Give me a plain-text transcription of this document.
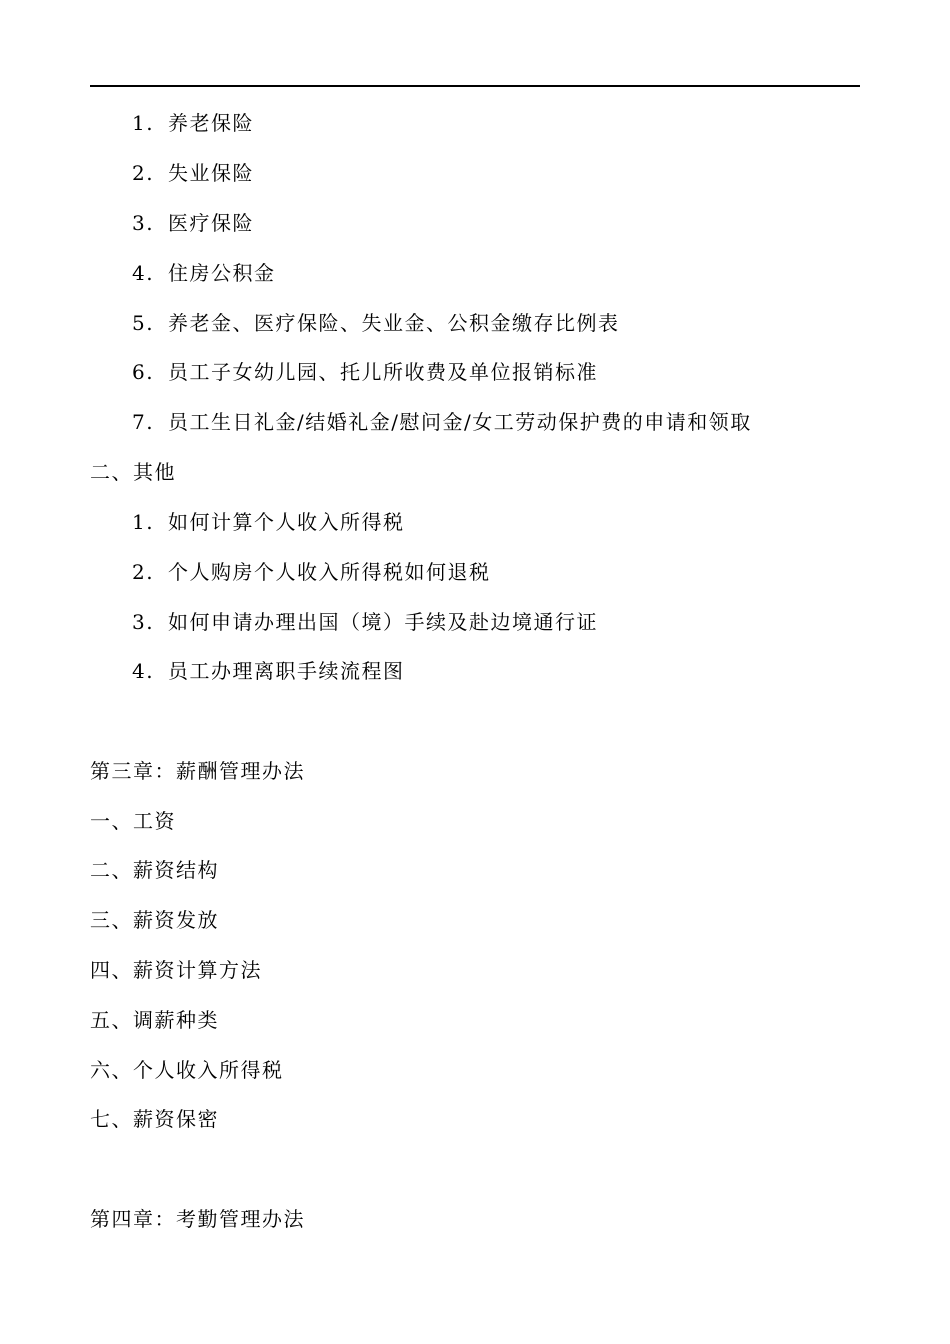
1. 养老保险
2. 失业保险
3. 医疗保险
4. 住房公积金
5. 养老金、医疗保险、失业金、公积金缴存比例表
6. 员工子女幼儿园、托儿所收费及单位报销标准
7. 员工生日礼金/结婚礼金/慰问金/女工劳动保护费的申请和领取
二、其他
1. 如何计算个人收入所得税
2. 个人购房个人收入所得税如何退税
3. 如何申请办理出国（境）手续及赴边境通行证
4. 员工办理离职手续流程图
第三章：薪酬管理办法
一、工资
二、薪资结构
三、薪资发放
四、薪资计算方法
五、调薪种类
六、个人收入所得税
七、薪资保密
第四章：考勤管理办法
